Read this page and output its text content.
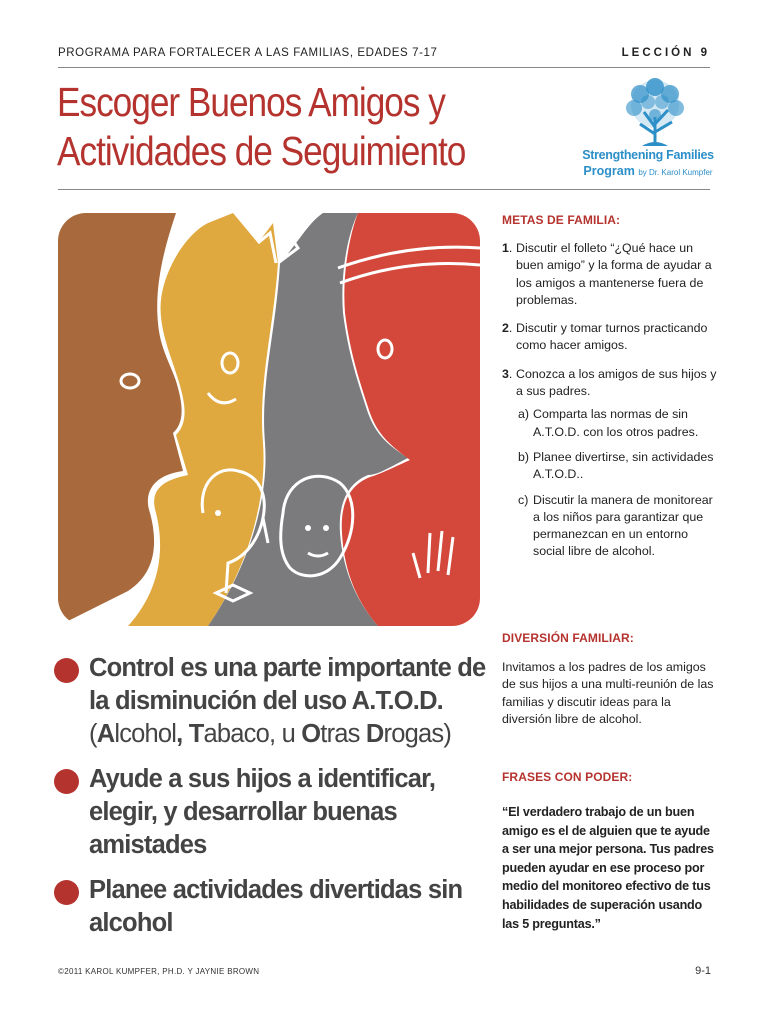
PROGRAMA PARA FORTALECER A LAS FAMILIAS, EDADES 7-17	LECCIÓN 9
Escoger Buenos Amigos y
Actividades de Seguimiento	Strengthening Families
Program by Dr. Karol Kumpfer
METAS DE FAMILIA:
1 . Discutir el folleto “¿Qué hace un buen amigo” y la forma de ayudar a los amigos a mantenerse fuera de problemas.
2 . Discutir y tomar turnos practicando como hacer amigos.
3 . Conozca a los amigos de sus hijos y a sus padres.
a) Comparta las normas de sin A.T.O.D. con los otros padres.
b) Planee divertirse, sin actividades A.T.O.D..
c) Discutir la manera de monitorear a los niños para garantizar que permanezcan en un entorno social libre de alcohol.
DIVERSIÓN FAMILIAR:
Invitamos a los padres de los amigos de sus hijos a una multi-reunión de las familias y discutir ideas para la diversión libre de alcohol.
FRASES CON PODER:
“El verdadero trabajo de un buen amigo es el de alguien que te ayude a ser una mejor persona. Tus padres pueden ayudar en ese proceso por medio del monitoreo efectivo de tus habilidades de superación usando las 5 preguntas.”
Control es una parte importante de la disminución del uso A.T.O.D.
(Alcohol, Tabaco, u Otras Drogas)
Ayude a sus hijos a identificar, elegir, y desarrollar buenas amistades
Planee actividades divertidas sin alcohol
©2011 KAROL KUMPFER, PH.D. Y JAYNIE BROWN	9-1
